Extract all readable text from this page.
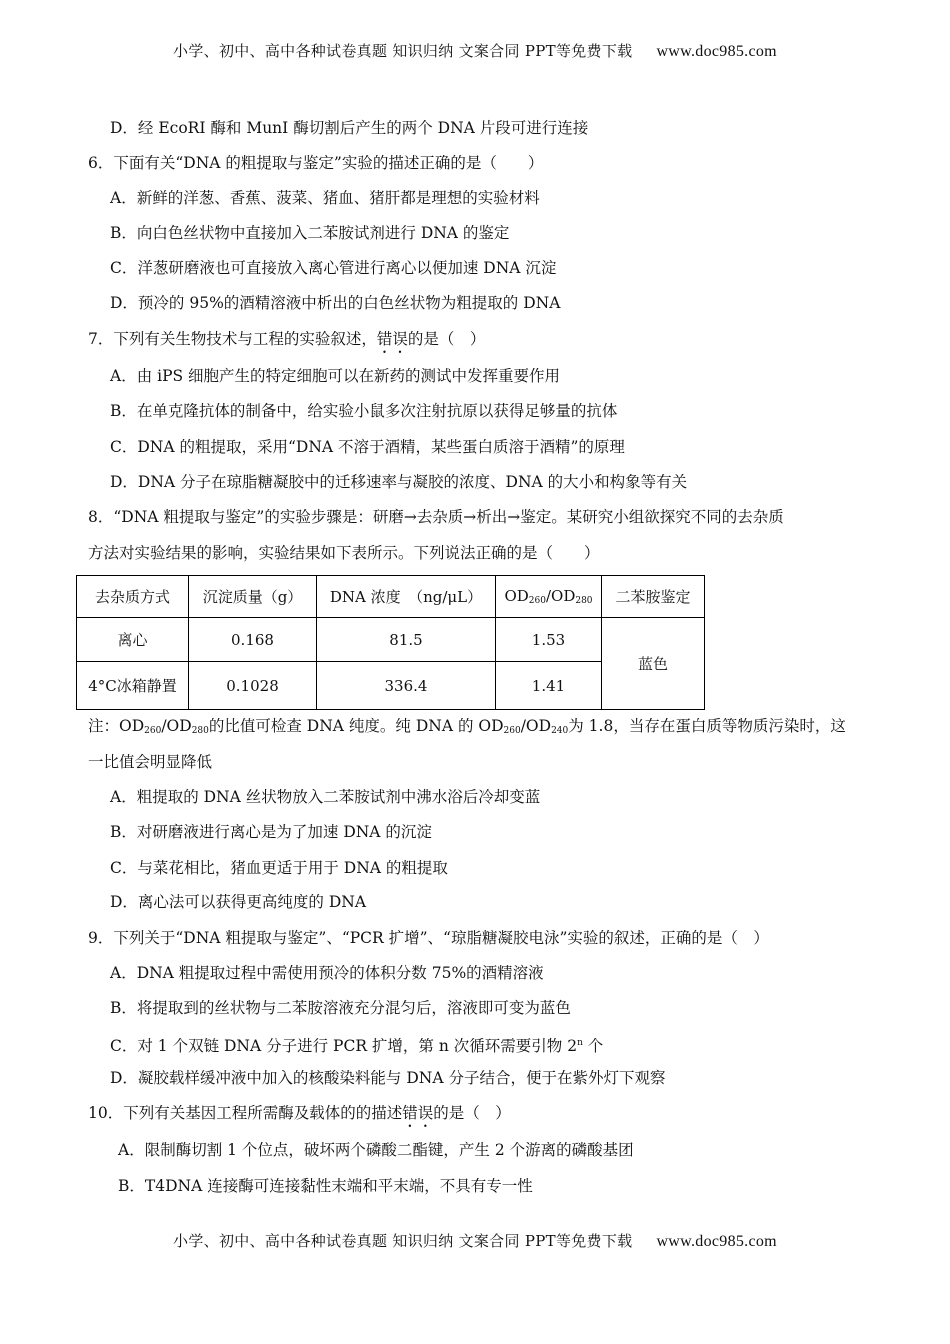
小学、初中、高中各种试卷真题 知识归纳 文案合同 PPT等免费下载 www.doc985.com
D．经 EcoRI 酶和 MunI 酶切割后产生的两个 DNA 片段可进行连接
6．下面有关“DNA 的粗提取与鉴定”实验的描述正确的是（　　）
A．新鲜的洋葱、香蕉、菠菜、猪血、猪肝都是理想的实验材料
B．向白色丝状物中直接加入二苯胺试剂进行 DNA 的鉴定
C．洋葱研磨液也可直接放入离心管进行离心以便加速 DNA 沉淀
D．预冷的 95%的酒精溶液中析出的白色丝状物为粗提取的 DNA
7．下列有关生物技术与工程的实验叙述，错误的是（　）
A．由 iPS 细胞产生的特定细胞可以在新药的测试中发挥重要作用
B．在单克隆抗体的制备中，给实验小鼠多次注射抗原以获得足够量的抗体
C．DNA 的粗提取，采用“DNA 不溶于酒精，某些蛋白质溶于酒精”的原理
D．DNA 分子在琼脂糖凝胶中的迁移速率与凝胶的浓度、DNA 的大小和构象等有关
8．“DNA 粗提取与鉴定”的实验步骤是：研磨→去杂质→析出→鉴定。某研究小组欲探究不同的去杂质
方法对实验结果的影响，实验结果如下表所示。下列说法正确的是（　　）
去杂质方式	沉淀质量（g）	DNA 浓度　（ng/μL）	$OD_{260}/OD_{280}$	二苯胺鉴定
离心	0.168	81.5	1.53	蓝色
4°C冰箱静置	0.1028	336.4	1.41	
注：$OD_{260}/OD_{280}$的比值可检查 DNA 纯度。纯 DNA 的 $OD_{260}/OD_{240}$为 1.8，当存在蛋白质等物质污染时，这
一比值会明显降低
A．粗提取的 DNA 丝状物放入二苯胺试剂中沸水浴后冷却变蓝
B．对研磨液进行离心是为了加速 DNA 的沉淀
C．与菜花相比，猪血更适于用于 DNA 的粗提取
D．离心法可以获得更高纯度的 DNA
9．下列关于“DNA 粗提取与鉴定”、“PCR 扩增”、“琼脂糖凝胶电泳”实验的叙述，正确的是（　）
A．DNA 粗提取过程中需使用预冷的体积分数 75%的酒精溶液
B．将提取到的丝状物与二苯胺溶液充分混匀后，溶液即可变为蓝色
C．对 1 个双链 DNA 分子进行 PCR 扩增，第 n 次循环需要引物 2$^n$ 个
D．凝胶载样缓冲液中加入的核酸染料能与 DNA 分子结合，便于在紫外灯下观察
10．下列有关基因工程所需酶及载体的的描述错误的是（　）
A．限制酶切割 1 个位点，破坏两个磷酸二酯键，产生 2 个游离的磷酸基团
B．T4DNA 连接酶可连接黏性末端和平末端，不具有专一性
小学、初中、高中各种试卷真题 知识归纳 文案合同 PPT等免费下载 www.doc985.com
